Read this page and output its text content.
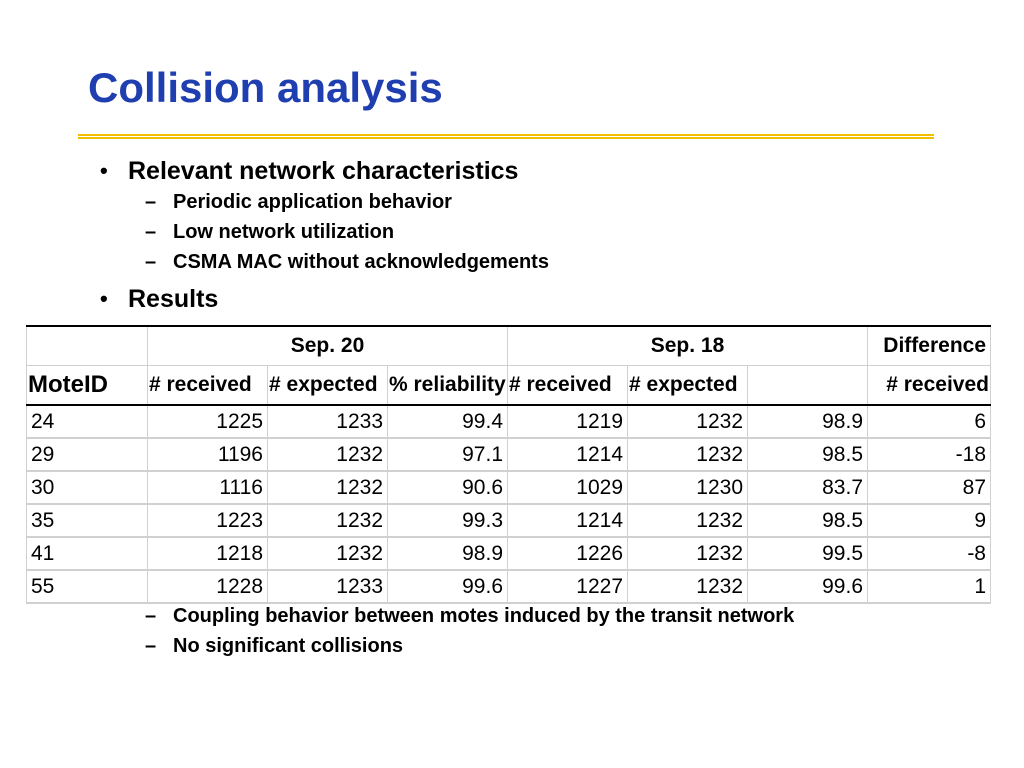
Collision analysis
• Relevant network characteristics
– Periodic application behavior
– Low network utilization
– CSMA MAC without acknowledgements
• Results
	Sep. 20			Sep. 18			Difference
MoteID	# received	# expected	% reliability	# received	# expected		# received
24	1225	1233	99.4	1219	1232	98.9	6
29	1196	1232	97.1	1214	1232	98.5	-18
30	1116	1232	90.6	1029	1230	83.7	87
35	1223	1232	99.3	1214	1232	98.5	9
41	1218	1232	98.9	1226	1232	99.5	-8
55	1228	1233	99.6	1227	1232	99.6	1
– Coupling behavior between motes induced by the transit network
– No significant collisions
